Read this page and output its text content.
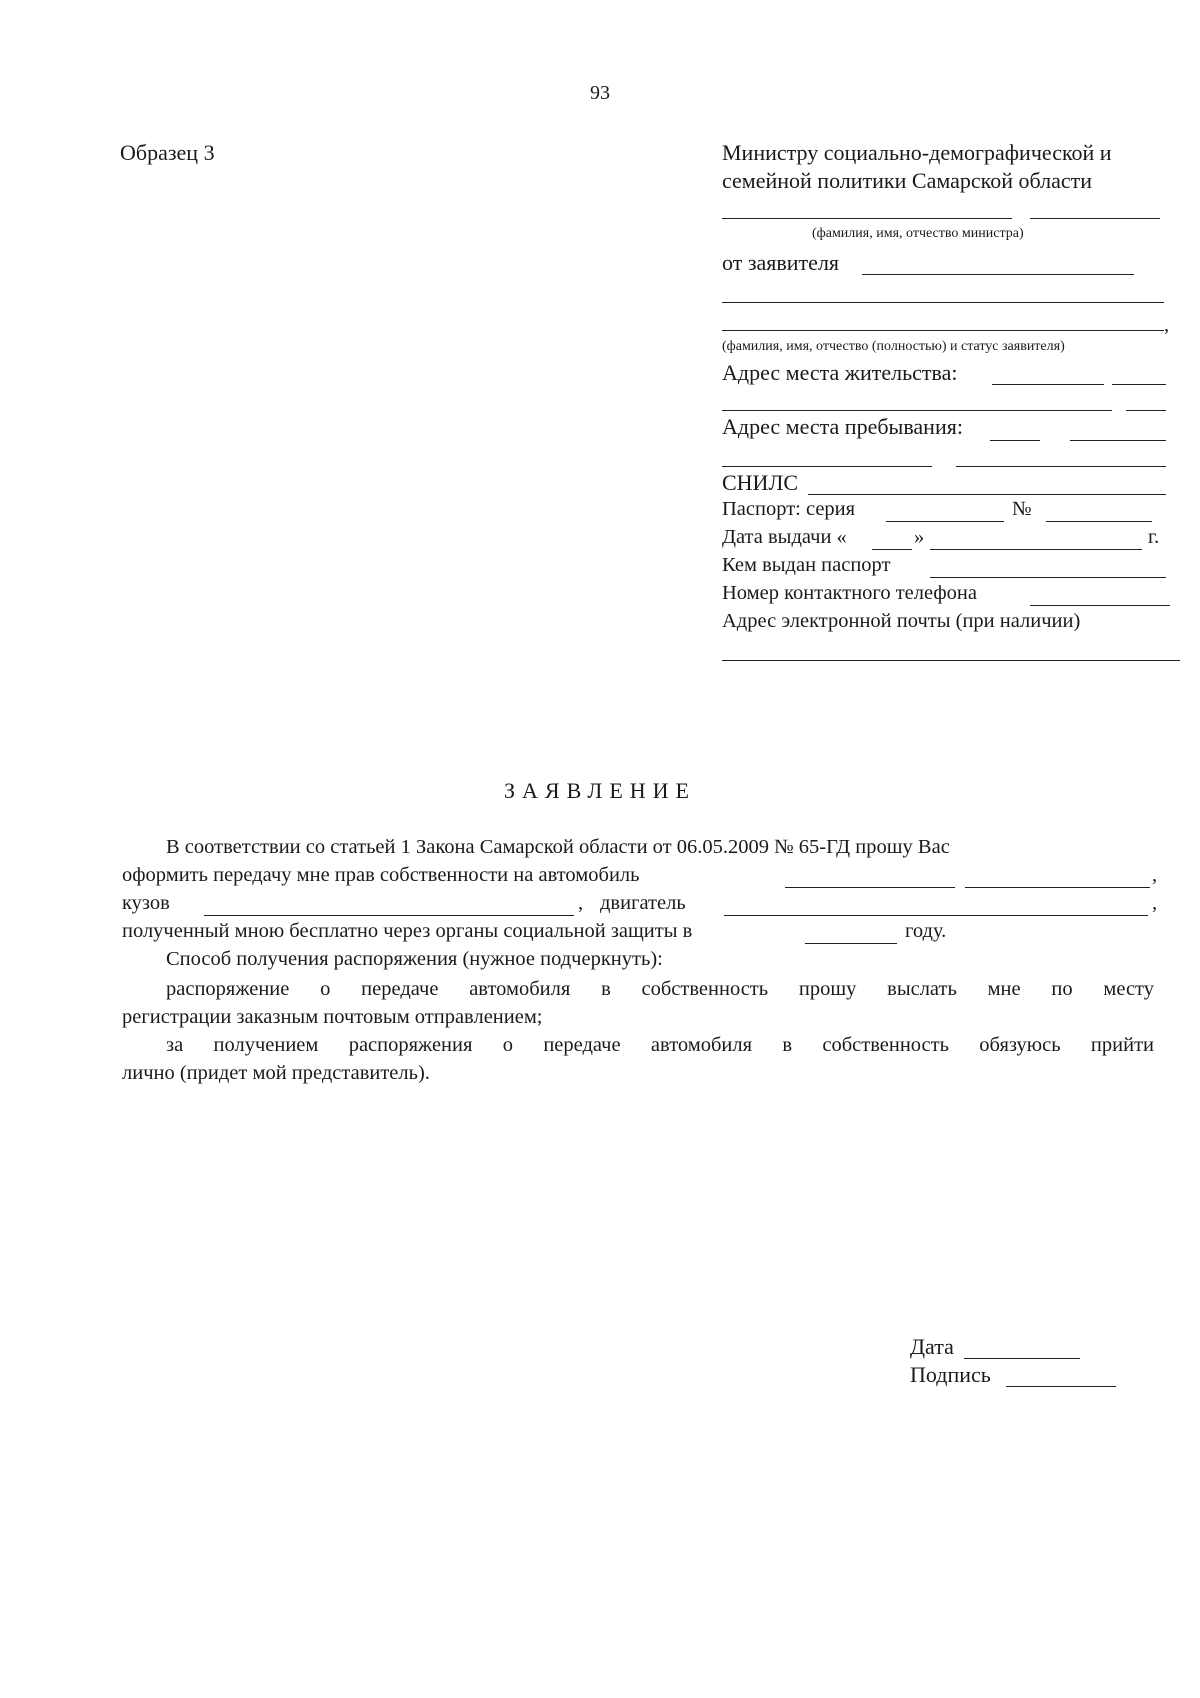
93
Образец 3	Министру социально-демографической и
семейной политики Самарской области
(фамилия, имя, отчество министра)
от заявителя
,
(фамилия, имя, отчество (полностью) и статус заявителя)
Адрес места жительства:
Адрес места пребывания:
СНИЛС
Паспорт: серия	№
Дата выдачи «	»	г.
Кем выдан паспорт
Номер контактного телефона
Адрес электронной почты (при наличии)
ЗАЯВЛЕНИЕ
В соответствии со статьей 1 Закона Самарской области от 06.05.2009 № 65-ГД прошу Вас
оформить передачу мне прав собственности на автомобиль	,
кузов	, двигатель	,
полученный мною бесплатно через органы социальной защиты в	году.
Способ получения распоряжения (нужное подчеркнуть):
распоряжение о передаче автомобиля в собственность прошу выслать мне по месту
регистрации заказным почтовым отправлением;
за получением распоряжения о передаче автомобиля в собственность обязуюсь прийти
лично (придет мой представитель).
Дата
Подпись
